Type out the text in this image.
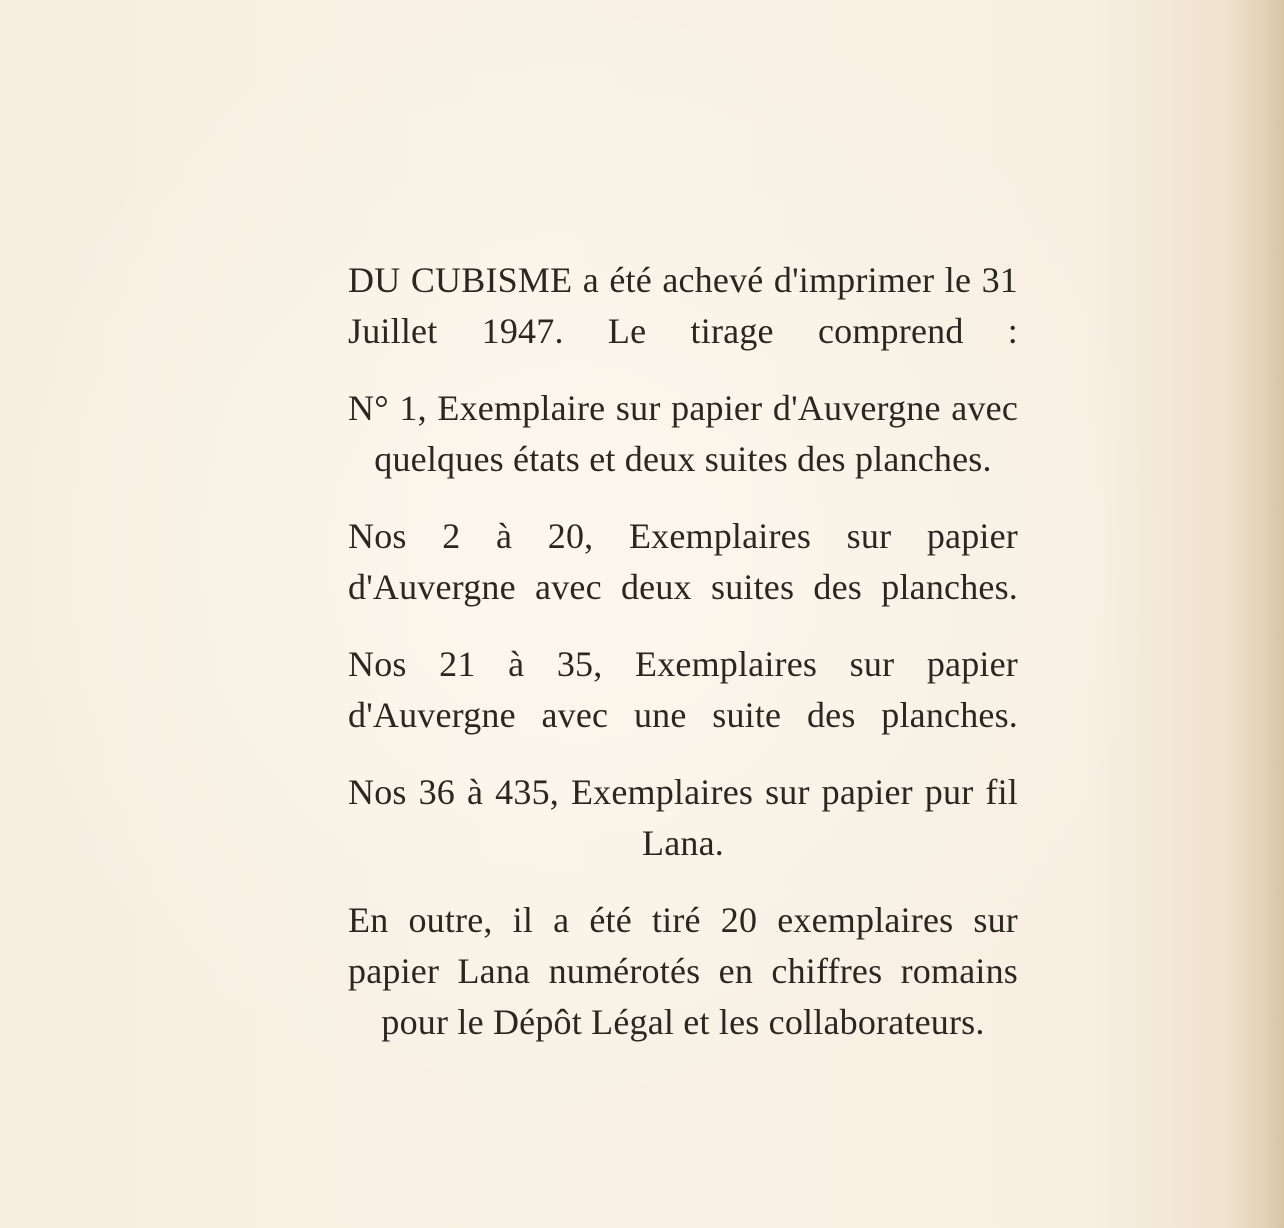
DU CUBISME a été achevé d'imprimer le 31 Juillet 1947. Le tirage comprend :

N° 1, Exemplaire sur papier d'Auvergne avec quelques états et deux suites des planches.

Nos 2 à 20, Exemplaires sur papier d'Auvergne avec deux suites des planches.

Nos 21 à 35, Exemplaires sur papier d'Auvergne avec une suite des planches.

Nos 36 à 435, Exemplaires sur papier pur fil Lana.

En outre, il a été tiré 20 exemplaires sur papier Lana numérotés en chiffres romains pour le Dépôt Légal et les collaborateurs.
